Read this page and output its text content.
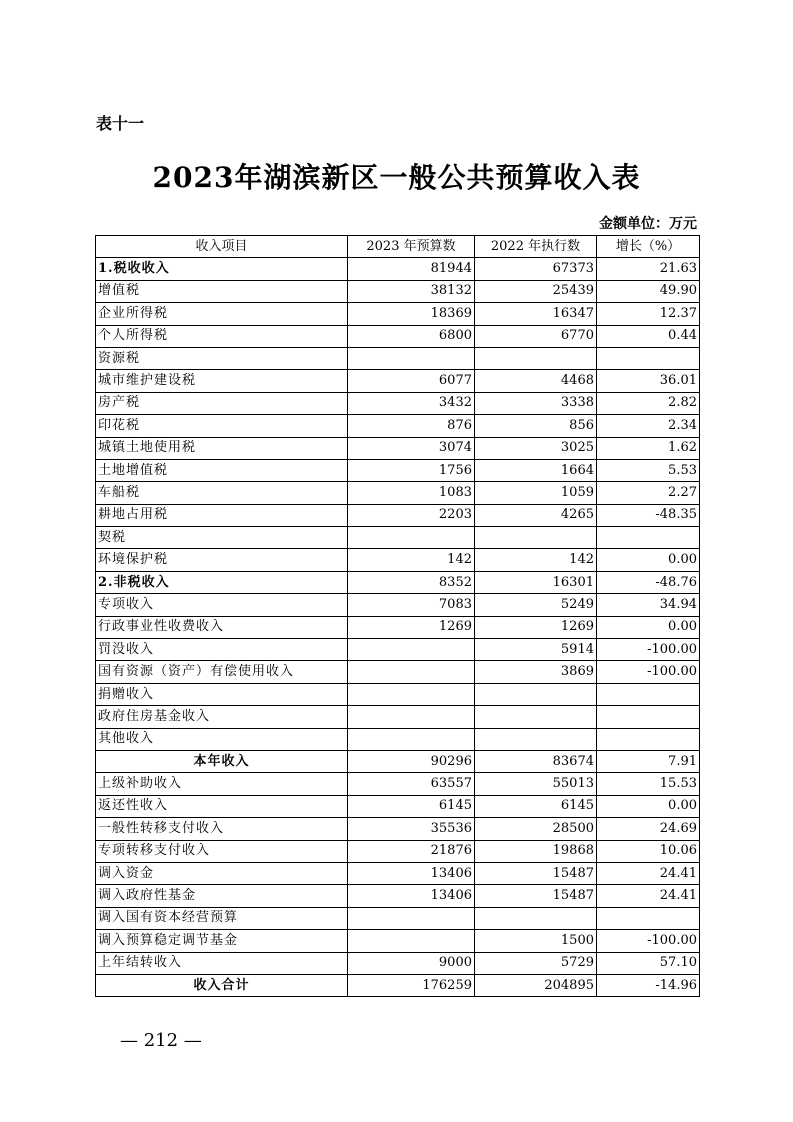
表十一
2023年湖滨新区一般公共预算收入表
金额单位：万元
收入项目	2023 年预算数	2022 年执行数	增长（%）
1.税收收入	81944	67373	21.63
增值税	38132	25439	49.90
企业所得税	18369	16347	12.37
个人所得税	6800	6770	0.44
资源税			
城市维护建设税	6077	4468	36.01
房产税	3432	3338	2.82
印花税	876	856	2.34
城镇土地使用税	3074	3025	1.62
土地增值税	1756	1664	5.53
车船税	1083	1059	2.27
耕地占用税	2203	4265	-48.35
契税			
环境保护税	142	142	0.00
2.非税收入	8352	16301	-48.76
专项收入	7083	5249	34.94
行政事业性收费收入	1269	1269	0.00
罚没收入		5914	-100.00
国有资源（资产）有偿使用收入		3869	-100.00
捐赠收入			
政府住房基金收入			
其他收入			
本年收入	90296	83674	7.91
上级补助收入	63557	55013	15.53
返还性收入	6145	6145	0.00
一般性转移支付收入	35536	28500	24.69
专项转移支付收入	21876	19868	10.06
调入资金	13406	15487	24.41
调入政府性基金	13406	15487	24.41
调入国有资本经营预算			
调入预算稳定调节基金		1500	-100.00
上年结转收入	9000	5729	57.10
收入合计	176259	204895	-14.96
— 212 —
